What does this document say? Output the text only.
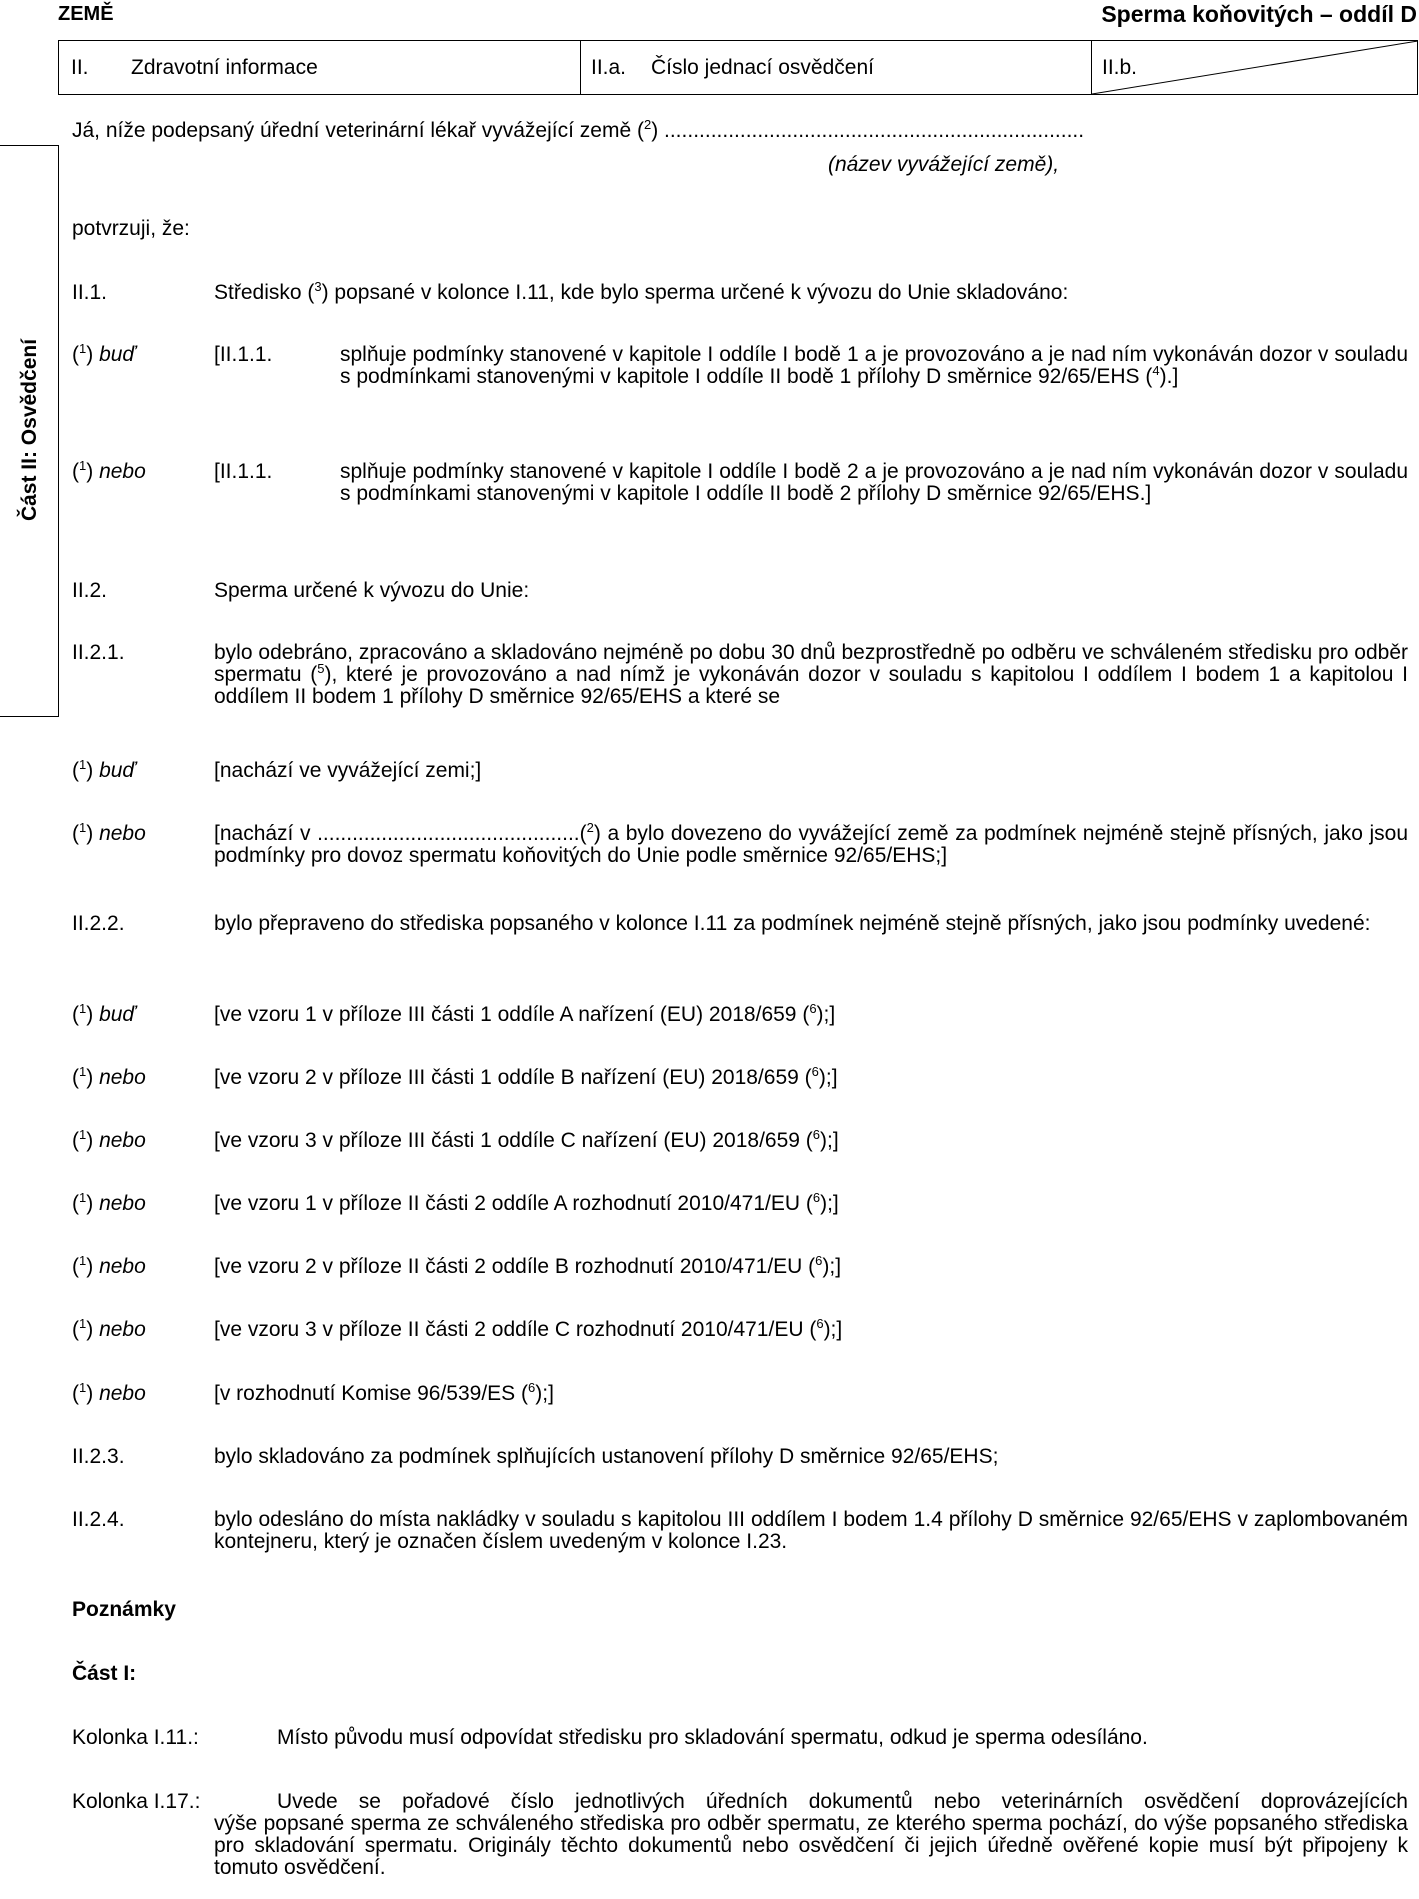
ZEMĚ	Sperma koňovitých – oddíl D
II.	Zdravotní informace	II.a.	Číslo jednací osvědčení	II.b.
Část II: Osvědčení
Já, níže podepsaný úřední veterinární lékař vyvážející země ($^2$) ........................................................................
(název vyvážející země),
potvrzuji, že:
II.1.	Středisko ($^3$) popsané v kolonce I.11, kde bylo sperma určené k vývozu do Unie skladováno:
($^1$) buď	[II.1.1.	splňuje podmínky stanovené v kapitole I oddíle I bodě 1 a je provozováno a je nad ním vykonáván dozor v souladu s podmínkami stanovenými v kapitole I oddíle II bodě 1 přílohy D směrnice 92/65/EHS ($^4$).]
($^1$) nebo	[II.1.1.	splňuje podmínky stanovené v kapitole I oddíle I bodě 2 a je provozováno a je nad ním vykonáván dozor v souladu s podmínkami stanovenými v kapitole I oddíle II bodě 2 přílohy D směrnice 92/65/EHS.]
II.2.	Sperma určené k vývozu do Unie:
II.2.1.	bylo odebráno, zpracováno a skladováno nejméně po dobu 30 dnů bezprostředně po odběru ve schváleném středisku pro odběr spermatu ($^5$), které je provozováno a nad nímž je vykonáván dozor v souladu s kapitolou I oddílem I bodem 1 a kapitolou I oddílem II bodem 1 přílohy D směrnice 92/65/EHS a které se
($^1$) buď	[nachází ve vyvážející zemi;]
($^1$) nebo	[nachází v .............................................($^2$) a bylo dovezeno do vyvážející země za podmínek nejméně stejně přísných, jako jsou podmínky pro dovoz spermatu koňovitých do Unie podle směrnice 92/65/EHS;]
II.2.2.	bylo přepraveno do střediska popsaného v kolonce I.11 za podmínek nejméně stejně přísných, jako jsou podmínky uvedené:
($^1$) buď	[ve vzoru 1 v příloze III části 1 oddíle A nařízení (EU) 2018/659 ($^6$);]
($^1$) nebo	[ve vzoru 2 v příloze III části 1 oddíle B nařízení (EU) 2018/659 ($^6$);]
($^1$) nebo	[ve vzoru 3 v příloze III části 1 oddíle C nařízení (EU) 2018/659 ($^6$);]
($^1$) nebo	[ve vzoru 1 v příloze II části 2 oddíle A rozhodnutí 2010/471/EU ($^6$);]
($^1$) nebo	[ve vzoru 2 v příloze II části 2 oddíle B rozhodnutí 2010/471/EU ($^6$);]
($^1$) nebo	[ve vzoru 3 v příloze II části 2 oddíle C rozhodnutí 2010/471/EU ($^6$);]
($^1$) nebo	[v rozhodnutí Komise 96/539/ES ($^6$);]
II.2.3.	bylo skladováno za podmínek splňujících ustanovení přílohy D směrnice 92/65/EHS;
II.2.4.	bylo odesláno do místa nakládky v souladu s kapitolou III oddílem I bodem 1.4 přílohy D směrnice 92/65/EHS v zaplombovaném kontejneru, který je označen číslem uvedeným v kolonce I.23.
Poznámky
Část I:
Kolonka I.11.:	Místo původu musí odpovídat středisku pro skladování spermatu, odkud je sperma odesíláno.
Kolonka I.17.:	Uvede se pořadové číslo jednotlivých úředních dokumentů nebo veterinárních osvědčení doprovázejících
výše popsané sperma ze schváleného střediska pro odběr spermatu, ze kterého sperma pochází, do výše popsaného střediska pro skladování spermatu. Originály těchto dokumentů nebo osvědčení či jejich úředně ověřené kopie musí být připojeny k tomuto osvědčení.
